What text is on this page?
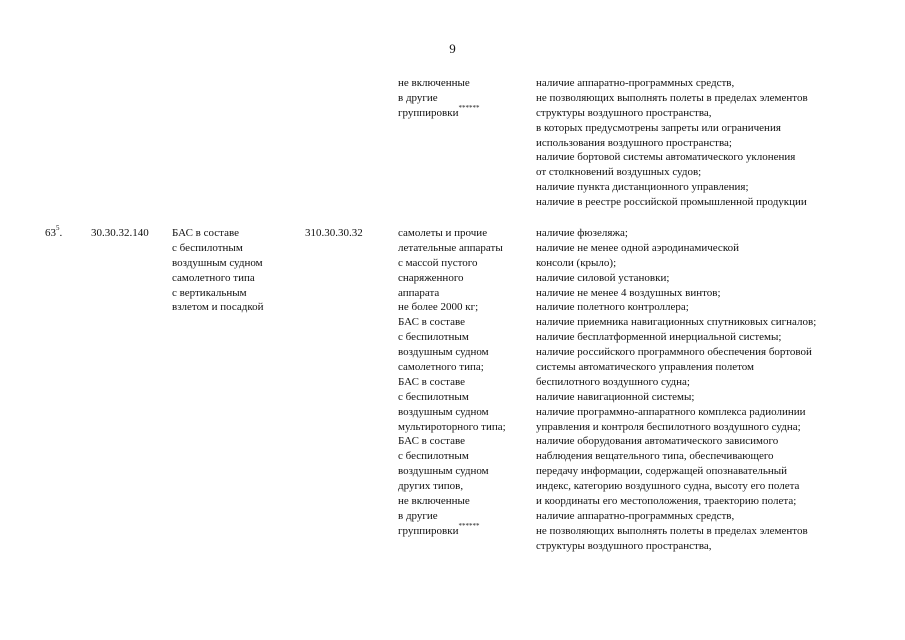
9
не включенные
в другие
группировки******
наличие аппаратно-программных средств,
не позволяющих выполнять полеты в пределах элементов
структуры воздушного пространства,
в которых предусмотрены запреты или ограничения
использования воздушного пространства;
наличие бортовой системы автоматического уклонения
от столкновений воздушных судов;
наличие пункта дистанционного управления;
наличие в реестре российской промышленной продукции
$63^5$.	30.30.32.140 БАС в составе
с беспилотным
воздушным судном
самолетного типа
с вертикальным
взлетом и посадкой
310.30.30.32	самолеты и прочие
летательные аппараты
с массой пустого
снаряженного
аппарата
не более 2000 кг;
БАС в составе
с беспилотным
воздушным судном
самолетного типа;
БАС в составе
с беспилотным
воздушным судном
мультироторного типа;
БАС в составе
с беспилотным
воздушным судном
других типов,
не включенные
в другие
группировки******
наличие фюзеляжа;
наличие не менее одной аэродинамической
консоли (крыло);
наличие силовой установки;
наличие не менее 4 воздушных винтов;
наличие полетного контроллера;
наличие приемника навигационных спутниковых сигналов;
наличие бесплатформенной инерциальной системы;
наличие российского программного обеспечения бортовой
системы автоматического управления полетом
беспилотного воздушного судна;
наличие навигационной системы;
наличие программно-аппаратного комплекса радиолинии
управления и контроля беспилотного воздушного судна;
наличие оборудования автоматического зависимого
наблюдения вещательного типа, обеспечивающего
передачу информации, содержащей опознавательный
индекс, категорию воздушного судна, высоту его полета
и координаты его местоположения, траекторию полета;
наличие аппаратно-программных средств,
не позволяющих выполнять полеты в пределах элементов
структуры воздушного пространства,
